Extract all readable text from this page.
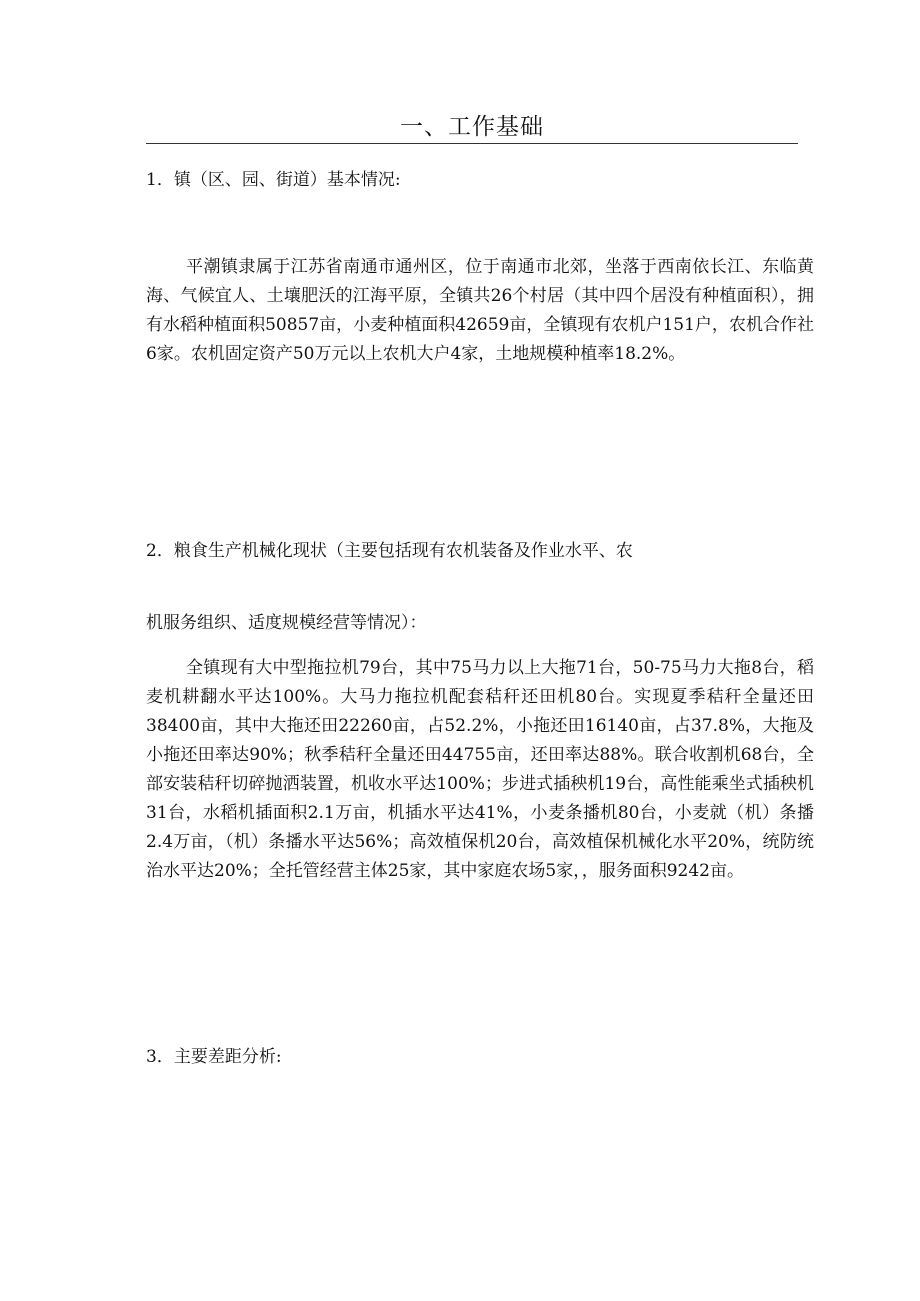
一、工作基础
1．镇（区、园、街道）基本情况:
平潮镇隶属于江苏省南通市通州区，位于南通市北郊，坐落于西南依长江、东临黄海、气候宜人、土壤肥沃的江海平原，全镇共26个村居（其中四个居没有种植面积），拥有水稻种植面积50857亩，小麦种植面积42659亩，全镇现有农机户151户，农机合作社6家。农机固定资产50万元以上农机大户4家，土地规模种植率18.2%。
2．粮食生产机械化现状（主要包括现有农机装备及作业水平、农
机服务组织、适度规模经营等情况）：
全镇现有大中型拖拉机79台，其中75马力以上大拖71台，50-75马力大拖8台，稻麦机耕翻水平达100%。大马力拖拉机配套秸秆还田机80台。实现夏季秸秆全量还田38400亩，其中大拖还田22260亩，占52.2%，小拖还田16140亩，占37.8%，大拖及小拖还田率达90%；秋季秸秆全量还田44755亩，还田率达88%。联合收割机68台，全部安装秸秆切碎抛洒装置，机收水平达100%；步进式插秧机19台，高性能乘坐式插秧机31台，水稻机插面积2.1万亩，机插水平达41%，小麦条播机80台，小麦就（机）条播2.4万亩，（机）条播水平达56%；高效植保机20台，高效植保机械化水平20%，统防统治水平达20%；全托管经营主体25家，其中家庭农场5家，，服务面积9242亩。
3．主要差距分析:
